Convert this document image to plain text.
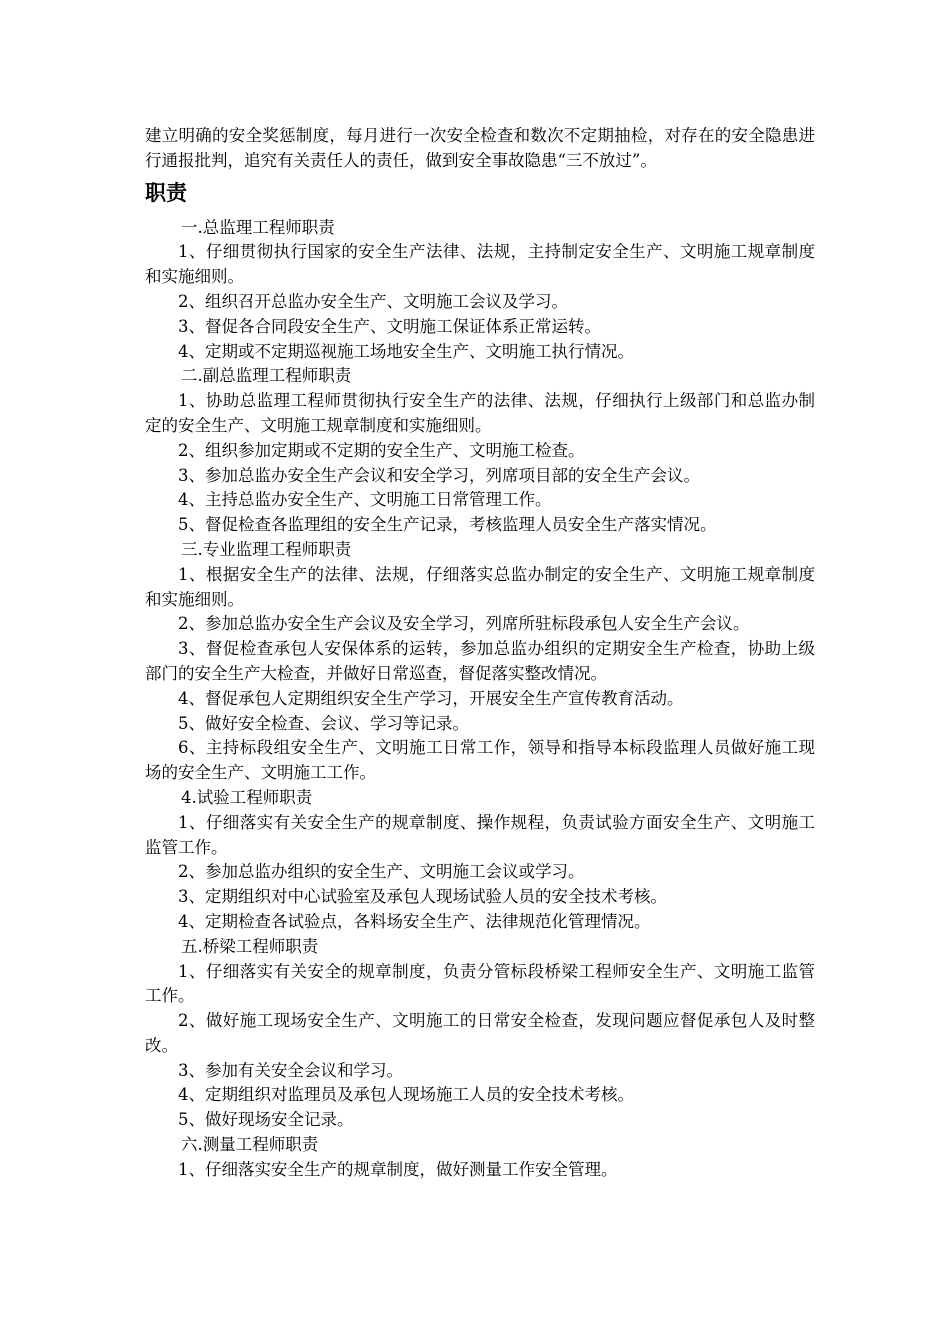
建立明确的安全奖惩制度，每月进行一次安全检查和数次不定期抽检，对存在的安全隐患进行通报批判，追究有关责任人的责任，做到安全事故隐患“三不放过”。

职责

一.总监理工程师职责

1、仔细贯彻执行国家的安全生产法律、法规，主持制定安全生产、文明施工规章制度和实施细则。

2、组织召开总监办安全生产、文明施工会议及学习。

3、督促各合同段安全生产、文明施工保证体系正常运转。

4、定期或不定期巡视施工场地安全生产、文明施工执行情况。

二.副总监理工程师职责

1、协助总监理工程师贯彻执行安全生产的法律、法规，仔细执行上级部门和总监办制定的安全生产、文明施工规章制度和实施细则。

2、组织参加定期或不定期的安全生产、文明施工检查。

3、参加总监办安全生产会议和安全学习，列席项目部的安全生产会议。

4、主持总监办安全生产、文明施工日常管理工作。

5、督促检查各监理组的安全生产记录，考核监理人员安全生产落实情况。

三.专业监理工程师职责

1、根据安全生产的法律、法规，仔细落实总监办制定的安全生产、文明施工规章制度和实施细则。

2、参加总监办安全生产会议及安全学习，列席所驻标段承包人安全生产会议。

3、督促检查承包人安保体系的运转，参加总监办组织的定期安全生产检查，协助上级部门的安全生产大检查，并做好日常巡查，督促落实整改情况。

4、督促承包人定期组织安全生产学习，开展安全生产宣传教育活动。

5、做好安全检查、会议、学习等记录。

6、主持标段组安全生产、文明施工日常工作，领导和指导本标段监理人员做好施工现场的安全生产、文明施工工作。

4.试验工程师职责

1、仔细落实有关安全生产的规章制度、操作规程，负责试验方面安全生产、文明施工监管工作。

2、参加总监办组织的安全生产、文明施工会议或学习。

3、定期组织对中心试验室及承包人现场试验人员的安全技术考核。

4、定期检查各试验点，各料场安全生产、法律规范化管理情况。

五.桥梁工程师职责

1、仔细落实有关安全的规章制度，负责分管标段桥梁工程师安全生产、文明施工监管工作。

2、做好施工现场安全生产、文明施工的日常安全检查，发现问题应督促承包人及时整改。

3、参加有关安全会议和学习。

4、定期组织对监理员及承包人现场施工人员的安全技术考核。

5、做好现场安全记录。

六.测量工程师职责

1、仔细落实安全生产的规章制度，做好测量工作安全管理。
